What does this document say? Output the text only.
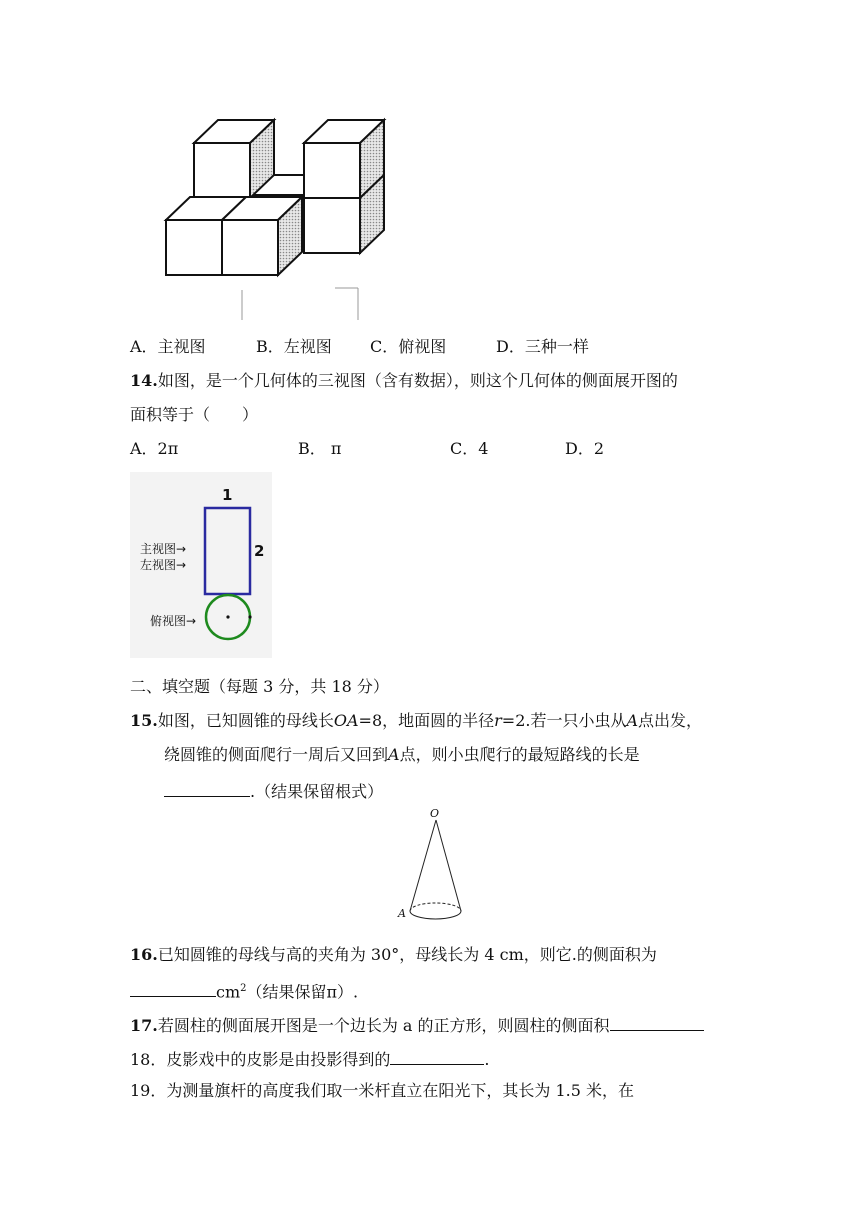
A．主视图	B．左视图 C．俯视图	D．三种一样
14.如图，是一个几何体的三视图（含有数据），则这个几何体的侧面展开图的
面积等于（　　）
A．2π	B． π	C．4	D．2
1
2
主视图→
左视图→
俯视图→
二、填空题（每题 3 分，共 18 分）
15.如图，已知圆锥的母线长OA=8，地面圆的半径r=2.若一只小虫从A点出发，
绕圆锥的侧面爬行一周后又回到A点，则小虫爬行的最短路线的长是
.（结果保留根式）
O
A
16.已知圆锥的母线与高的夹角为 30°，母线长为 4 cm，则它.的侧面积为
$cm^2$（结果保留π）.
17.若圆柱的侧面展开图是一个边长为 a 的正方形，则圆柱的侧面积
18．皮影戏中的皮影是由投影得到的	.
19．为测量旗杆的高度我们取一米杆直立在阳光下，其长为 1.5 米，在
